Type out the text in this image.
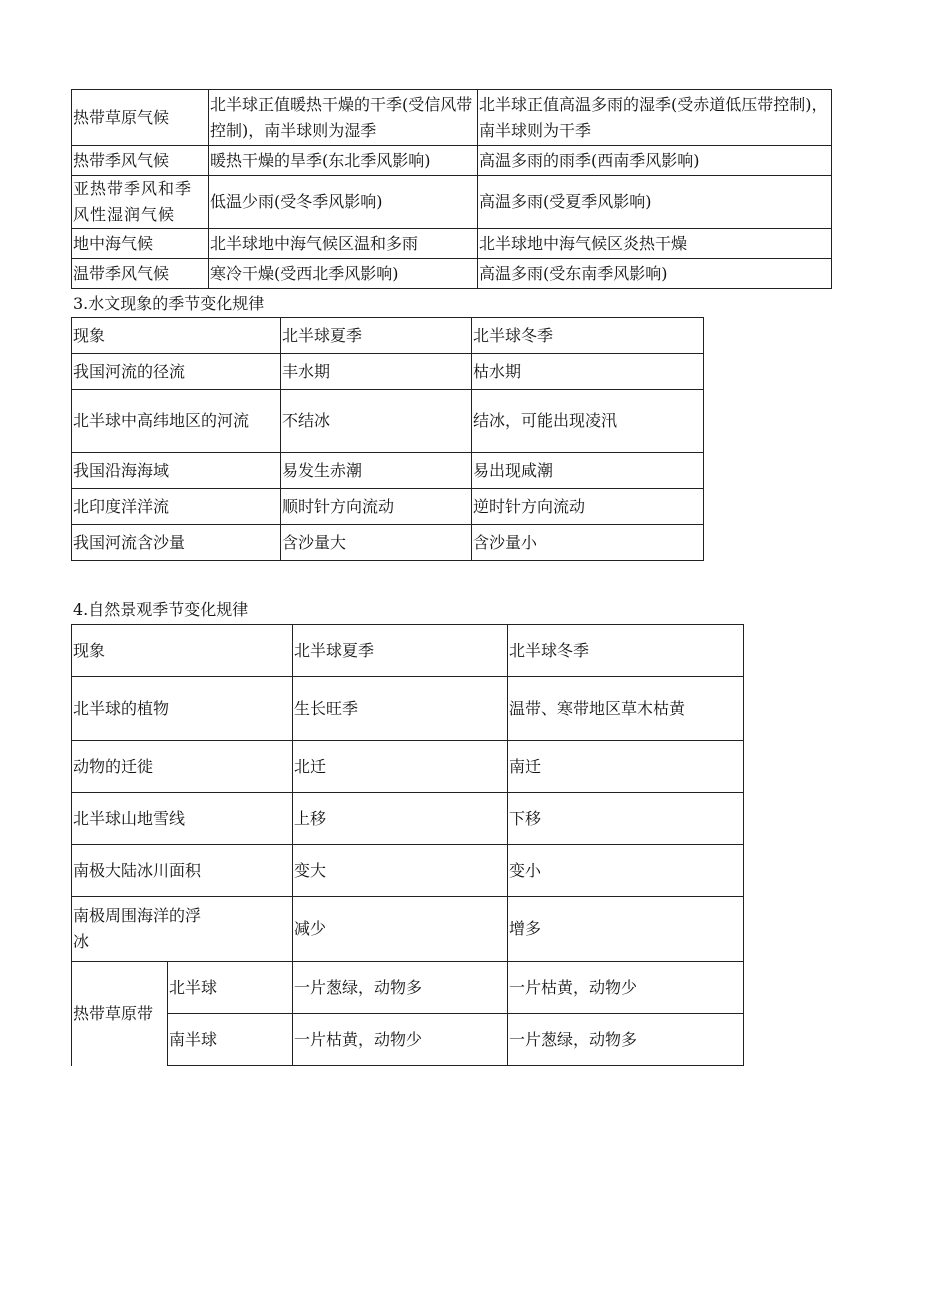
热带草原气候	北半球正值暖热干燥的干季(受信风带控制)，南半球则为湿季	北半球正值高温多雨的湿季(受赤道低压带控制)，南半球则为干季
热带季风气候	暖热干燥的旱季(东北季风影响)	高温多雨的雨季(西南季风影响)
亚热带季风和季风性湿润气候	低温少雨(受冬季风影响)	高温多雨(受夏季风影响)
地中海气候	北半球地中海气候区温和多雨	北半球地中海气候区炎热干燥
温带季风气候	寒冷干燥(受西北季风影响)	高温多雨(受东南季风影响)
3.水文现象的季节变化规律
现象	北半球夏季	北半球冬季
我国河流的径流	丰水期	枯水期
北半球中高纬地区的河流	不结冰	结冰，可能出现凌汛
我国沿海海域	易发生赤潮	易出现咸潮
北印度洋洋流	顺时针方向流动	逆时针方向流动
我国河流含沙量	含沙量大	含沙量小
4.自然景观季节变化规律
现象		北半球夏季	北半球冬季
北半球的植物		生长旺季	温带、寒带地区草木枯黄
动物的迁徙		北迁	南迁
北半球山地雪线		上移	下移
南极大陆冰川面积		变大	变小

南极周围海洋的浮冰		减少	增多
热带草原带	北半球	一片葱绿，动物多	一片枯黄，动物少
	南半球	一片枯黄，动物少	一片葱绿，动物多
